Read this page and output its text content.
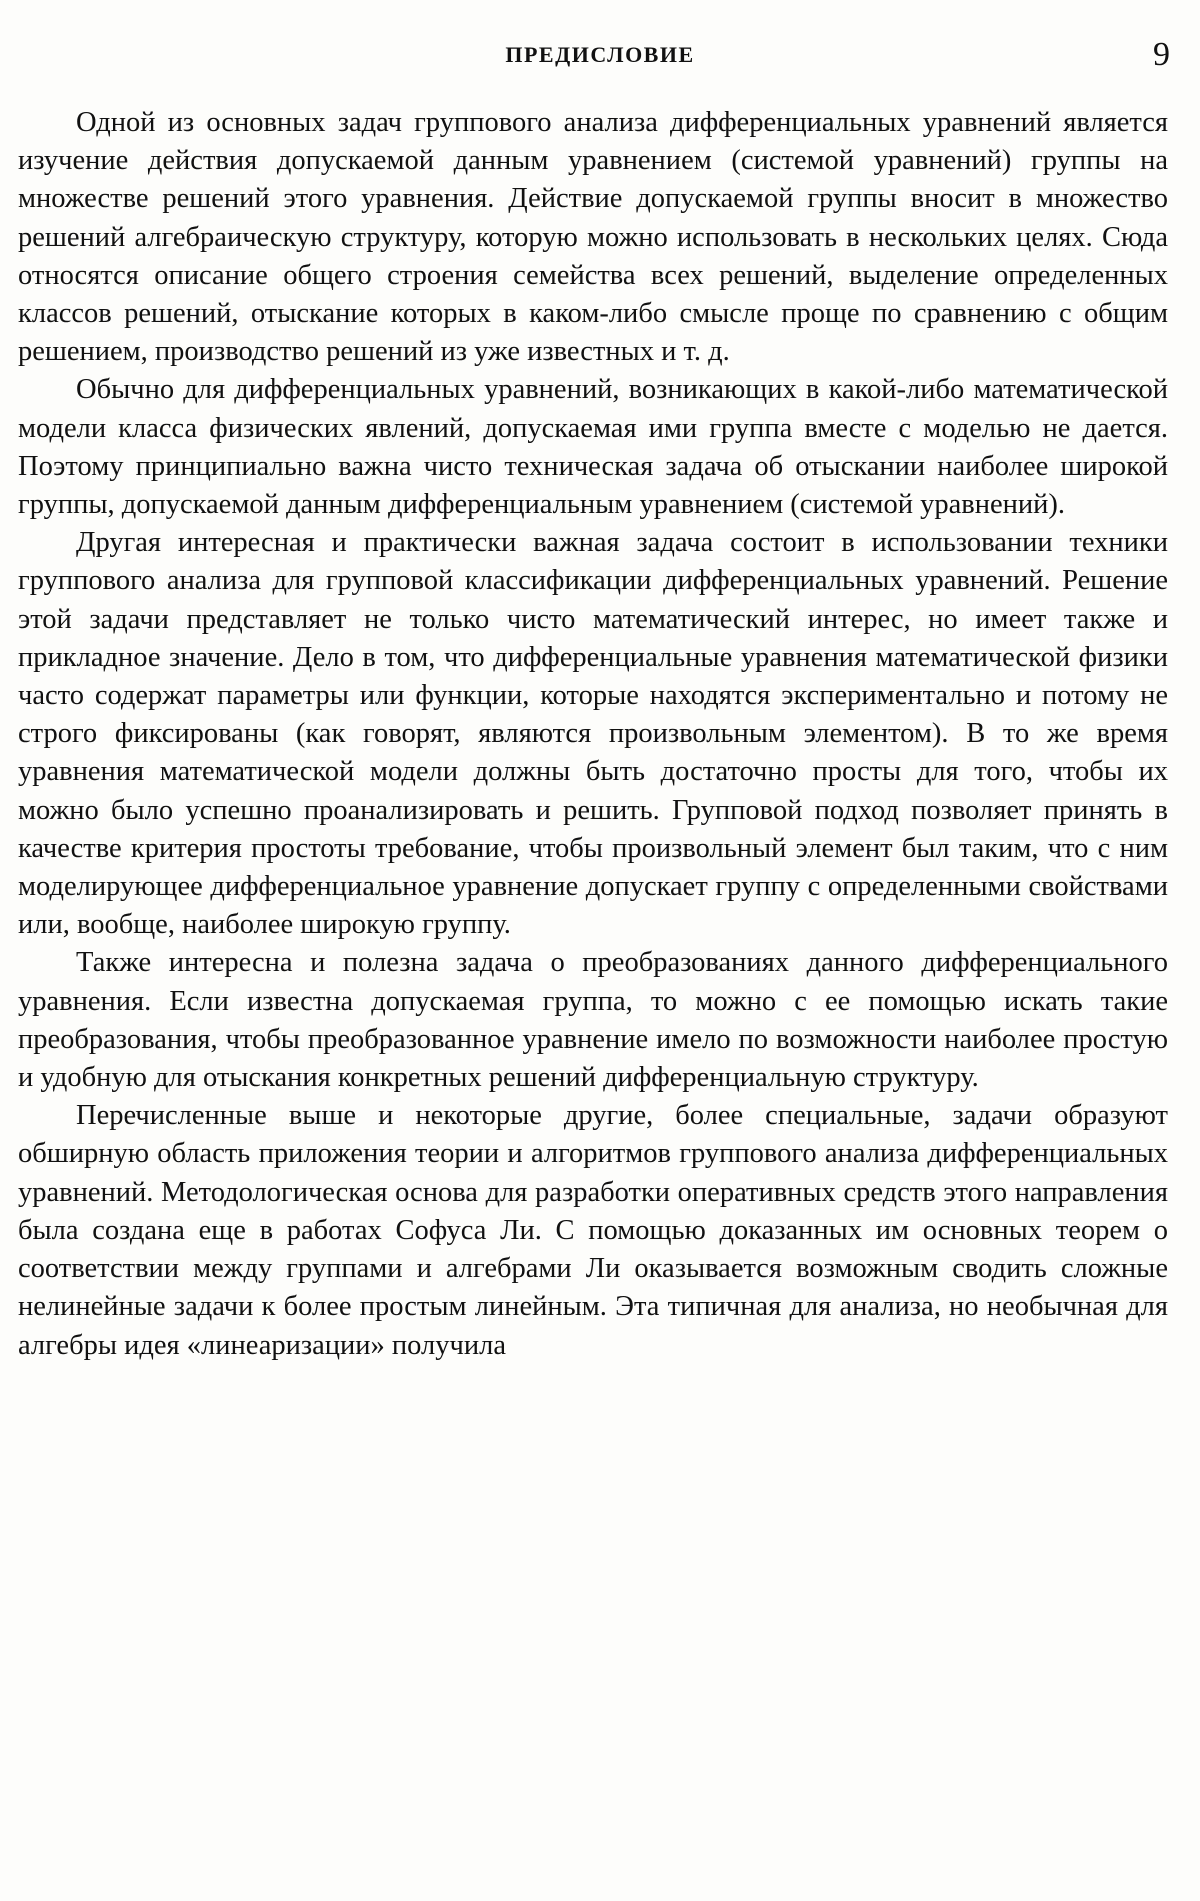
ПРЕДИСЛОВИЕ	9

Одной из основных задач группового анализа дифференциальных уравнений является изучение действия допускаемой данным уравнением (системой уравнений) группы на множестве решений этого уравнения. Действие допускаемой группы вносит в множество решений алгебраическую структуру, которую можно использовать в нескольких целях. Сюда относятся описание общего строения семейства всех решений, выделение определенных классов решений, отыскание которых в каком-либо смысле проще по сравнению с общим решением, производство решений из уже известных и т. д.

Обычно для дифференциальных уравнений, возникающих в какой-либо математической модели класса физических явлений, допускаемая ими группа вместе с моделью не дается. Поэтому принципиально важна чисто техническая задача об отыскании наиболее широкой группы, допускаемой данным дифференциальным уравнением (системой уравнений).

Другая интересная и практически важная задача состоит в использовании техники группового анализа для групповой классификации дифференциальных уравнений. Решение этой задачи представляет не только чисто математический интерес, но имеет также и прикладное значение. Дело в том, что дифференциальные уравнения математической физики часто содержат параметры или функции, которые находятся экспериментально и потому не строго фиксированы (как говорят, являются произвольным элементом). В то же время уравнения математической модели должны быть достаточно просты для того, чтобы их можно было успешно проанализировать и решить. Групповой подход позволяет принять в качестве критерия простоты требование, чтобы произвольный элемент был таким, что с ним моделирующее дифференциальное уравнение допускает группу с определенными свойствами или, вообще, наиболее широкую группу.

Также интересна и полезна задача о преобразованиях данного дифференциального уравнения. Если известна допускаемая группа, то можно с ее помощью искать такие преобразования, чтобы преобразованное уравнение имело по возможности наиболее простую и удобную для отыскания конкретных решений дифференциальную структуру.

Перечисленные выше и некоторые другие, более специальные, задачи образуют обширную область приложения теории и алгоритмов группового анализа дифференциальных уравнений. Методологическая основа для разработки оперативных средств этого направления была создана еще в работах Софуса Ли. С помощью доказанных им основных теорем о соответствии между группами и алгебрами Ли оказывается возможным сводить сложные нелинейные задачи к более простым линейным. Эта типичная для анализа, но необычная для алгебры идея «линеаризации» получила
